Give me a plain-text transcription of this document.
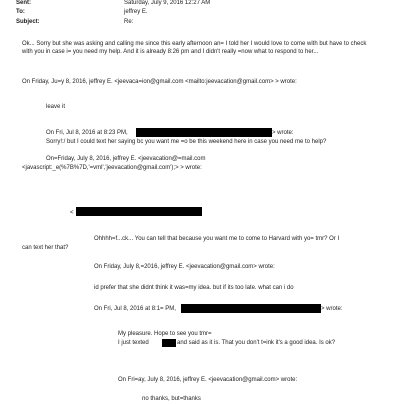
Sent:	Saturday, July 9, 2016 12:27 AM
To:	jeffrey E.
Subject:	Re:
Ok... Sorry but she was asking and calling me since this early afternoon an= I told her I would love to come with but have to check with you in case i= you need my help. And it is already 8:26 pm and I didn't really =now what to respond to her...
On Friday, Ju=y 8, 2016, jeffrey E. <jeevaca=ion@gmail.com <mailto:jeevacation@gmail.com> > wrote:
leave it
On Fri, Jul 8, 2016 at 8:23 PM,	> wrote:
Sorry!:/ but I could text her saying bc you want me =o be this weekend here in case you need me to help?
On=Friday, July 8, 2016, jeffrey E. <jeevacation@=mail.com
<javascript:_e(%7B%7D,'=vml','jeevacation@gmail.com');> > wrote:
<
Ohhhh=f...ck... You can tell that because you want me to come to Harvard with yo= tmr? Or I
can text her that?
On Friday, July 8,=2016, jeffrey E. <jeevacation@gmail.com> wrote:
id prefer that she didnt think it was=my idea. but if its too late. what can i do
On Fri, Jul 8, 2016 at 8:1= PM,	> wrote:
My pleasure. Hope to see you tmr=
I just texted	and said as it is. That you don't t=ink it's a good idea. Is ok?
On Fri=ay, July 8, 2016, jeffrey E. <jeevacation@gmail.com> wrote:
no thanks, but=thanks
